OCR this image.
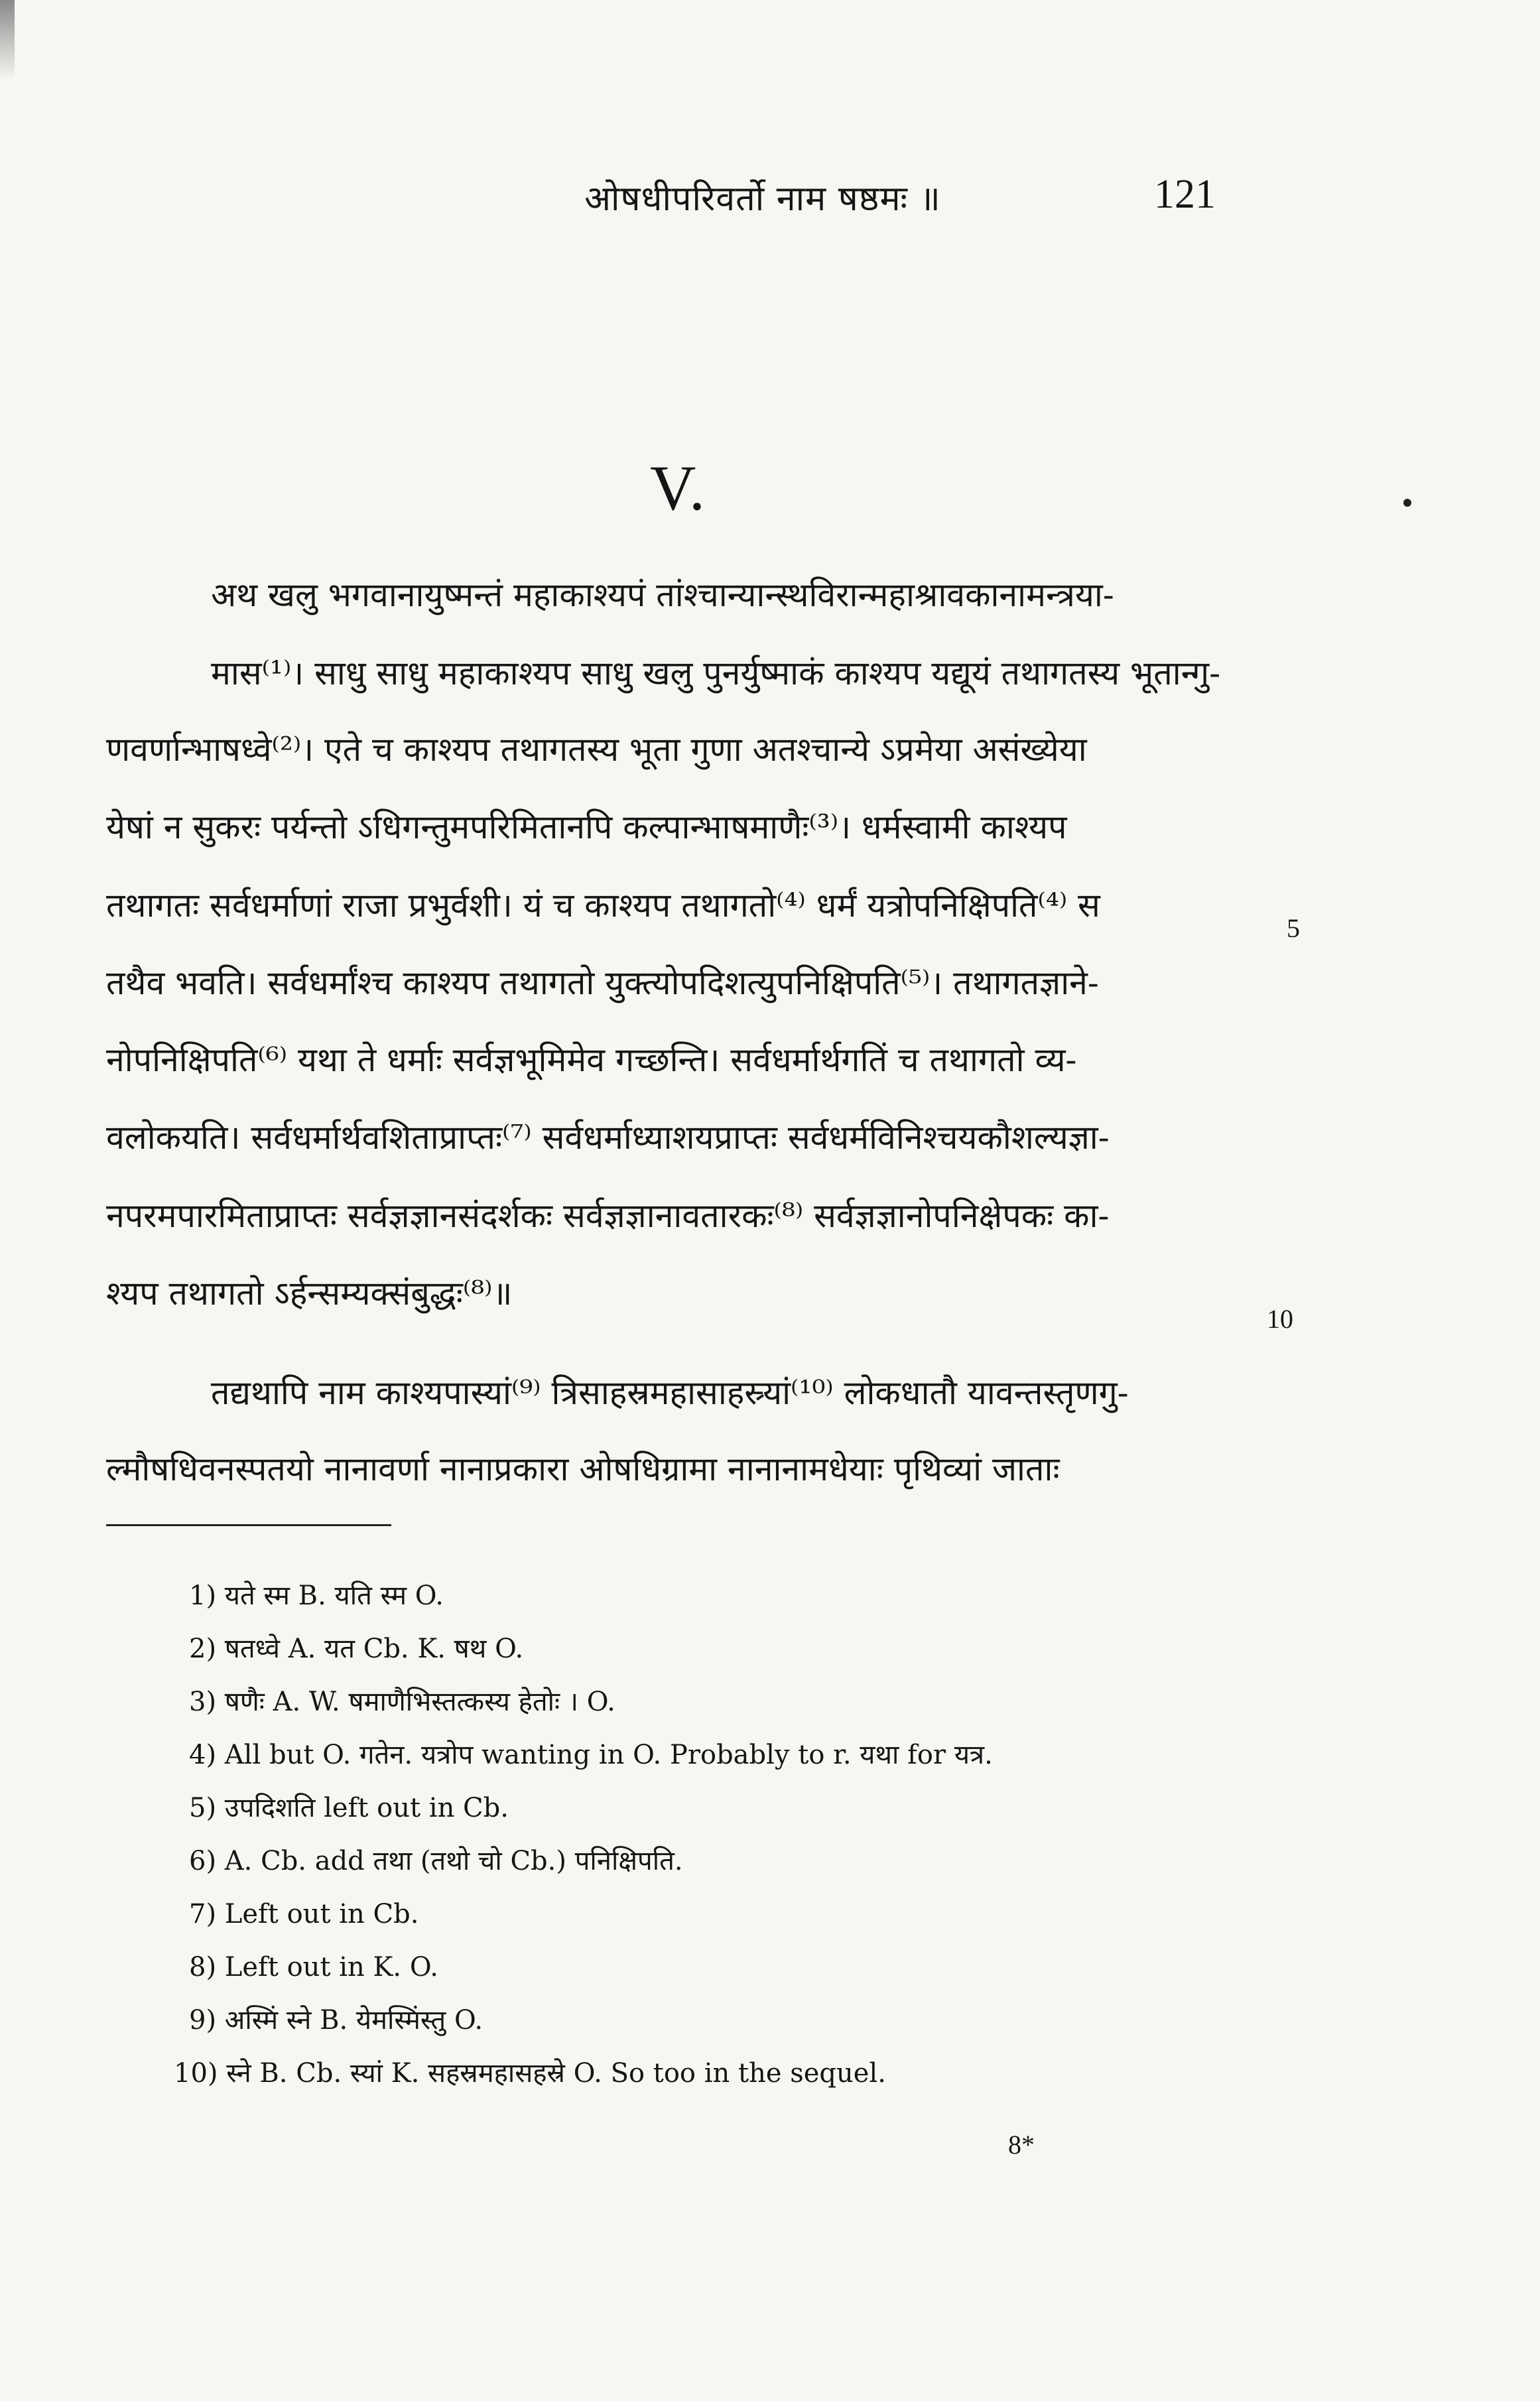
ओषधीपरिवर्तो नाम षष्ठमः ॥	121
V.
अथ खलु भगवानायुष्मन्तं महाकाश्यपं तांश्चान्यान्स्थविरान्महाश्रावकानामन्त्रया-
मास⁽¹⁾। साधु साधु महाकाश्यप साधु खलु पुनर्युष्माकं काश्यप यद्यूयं तथागतस्य भूतान्गु-
णवर्णान्भाषध्वे⁽²⁾। एते च काश्यप तथागतस्य भूता गुणा अतश्चान्ये ऽप्रमेया असंख्येया
येषां न सुकरः पर्यन्तो ऽधिगन्तुमपरिमितानपि कल्पान्भाषमाणैः⁽³⁾। धर्मस्वामी काश्यप
तथागतः सर्वधर्माणां राजा प्रभुर्वशी। यं च काश्यप तथागतो⁽⁴⁾ धर्मं यत्रोपनिक्षिपति⁽⁴⁾ स
तथैव भवति। सर्वधर्मांश्च काश्यप तथागतो युक्त्योपदिशत्युपनिक्षिपति⁽⁵⁾। तथागतज्ञाने-
नोपनिक्षिपति⁽⁶⁾ यथा ते धर्माः सर्वज्ञभूमिमेव गच्छन्ति। सर्वधर्मार्थगतिं च तथागतो व्य-
वलोकयति। सर्वधर्मार्थवशिताप्राप्तः⁽⁷⁾ सर्वधर्माध्याशयप्राप्तः सर्वधर्मविनिश्चयकौशल्यज्ञा-
नपरमपारमिताप्राप्तः सर्वज्ञज्ञानसंदर्शकः सर्वज्ञज्ञानावतारकः⁽⁸⁾ सर्वज्ञज्ञानोपनिक्षेपकः का-
श्यप तथागतो ऽर्हन्सम्यक्संबुद्धः⁽⁸⁾॥
तद्यथापि नाम काश्यपास्यां⁽⁹⁾ त्रिसाहस्रमहासाहस्र्यां⁽¹⁰⁾ लोकधातौ यावन्तस्तृणगु-
ल्मौषधिवनस्पतयो नानावर्णा नानाप्रकारा ओषधिग्रामा नानानामधेयाः पृथिव्यां जाताः
5
10
1) यते स्म B. यति स्म O.
2) षतध्वे A. यत Cb. K. षथ O.
3) षणैः A. W. षमाणैभिस्तत्कस्य हेतोः । O.
4) All but O. गतेन. यत्रोप wanting in O. Probably to r. यथा for यत्र.
5) उपदिशति left out in Cb.
6) A. Cb. add तथा (तथो चो Cb.) पनिक्षिपति.
7) Left out in Cb.
8) Left out in K. O.
9) अस्मिं स्ने B. येमस्मिंस्तु O.
10) स्ने B. Cb. स्यां K. सहस्रमहासहस्रे O. So too in the sequel.
8*
